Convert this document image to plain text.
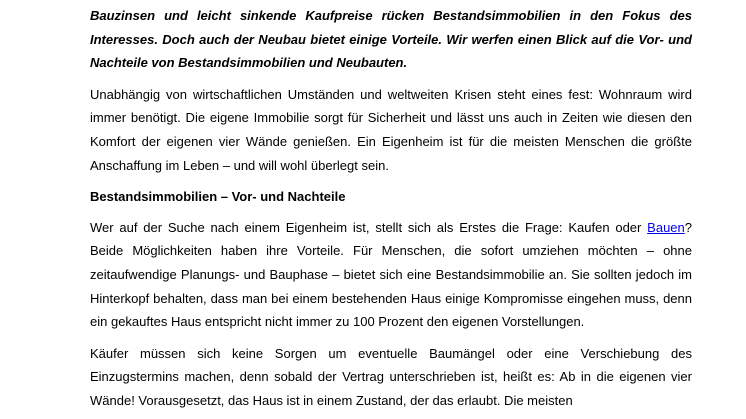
Bauzinsen und leicht sinkende Kaufpreise rücken Bestandsimmobilien in den Fokus des Interesses. Doch auch der Neubau bietet einige Vorteile. Wir werfen einen Blick auf die Vor- und Nachteile von Bestandsimmobilien und Neubauten.

Unabhängig von wirtschaftlichen Umständen und weltweiten Krisen steht eines fest: Wohnraum wird immer benötigt. Die eigene Immobilie sorgt für Sicherheit und lässt uns auch in Zeiten wie diesen den Komfort der eigenen vier Wände genießen. Ein Eigenheim ist für die meisten Menschen die größte Anschaffung im Leben – und will wohl überlegt sein.

Bestandsimmobilien – Vor- und Nachteile

Wer auf der Suche nach einem Eigenheim ist, stellt sich als Erstes die Frage: Kaufen oder Bauen? Beide Möglichkeiten haben ihre Vorteile. Für Menschen, die sofort umziehen möchten – ohne zeitaufwendige Planungs- und Bauphase – bietet sich eine Bestandsimmobilie an. Sie sollten jedoch im Hinterkopf behalten, dass man bei einem bestehenden Haus einige Kompromisse eingehen muss, denn ein gekauftes Haus entspricht nicht immer zu 100 Prozent den eigenen Vorstellungen.

Käufer müssen sich keine Sorgen um eventuelle Baumängel oder eine Verschiebung des Einzugstermins machen, denn sobald der Vertrag unterschrieben ist, heißt es: Ab in die eigenen vier Wände! Vorausgesetzt, das Haus ist in einem Zustand, der das erlaubt. Die meisten
